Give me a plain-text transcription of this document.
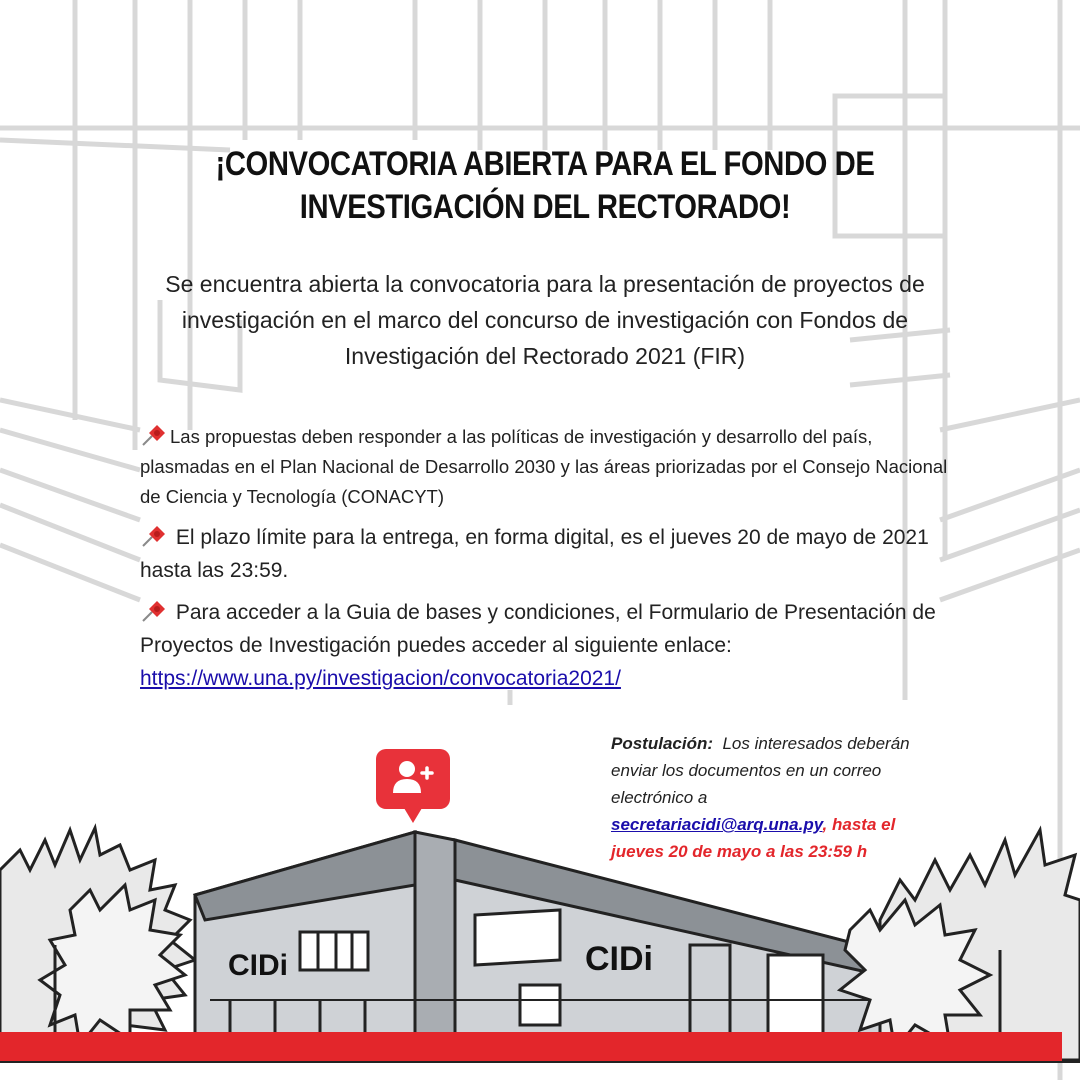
¡CONVOCATORIA ABIERTA PARA EL FONDO DE
INVESTIGACIÓN DEL RECTORADO!
Se encuentra abierta la convocatoria para la presentación de proyectos de investigación en el marco del concurso de investigación con Fondos de Investigación del Rectorado 2021 (FIR)
Las propuestas deben responder a las políticas de investigación y desarrollo del país, plasmadas en el Plan Nacional de Desarrollo 2030 y las áreas priorizadas por el Consejo Nacional de Ciencia y Tecnología (CONACYT)
El plazo límite para la entrega, en forma digital, es el jueves 20 de mayo de 2021 hasta las 23:59.
Para acceder a la Guia de bases y condiciones, el Formulario de Presentación de Proyectos de Investigación puedes acceder al siguiente enlace:
https://www.una.py/investigacion/convocatoria2021/
Postulación: Los interesados deberán enviar los documentos en un correo electrónico a
secretariacidi@arq.una.py, hasta el jueves 20 de mayo a las 23:59 h
CIDi	CIDi
